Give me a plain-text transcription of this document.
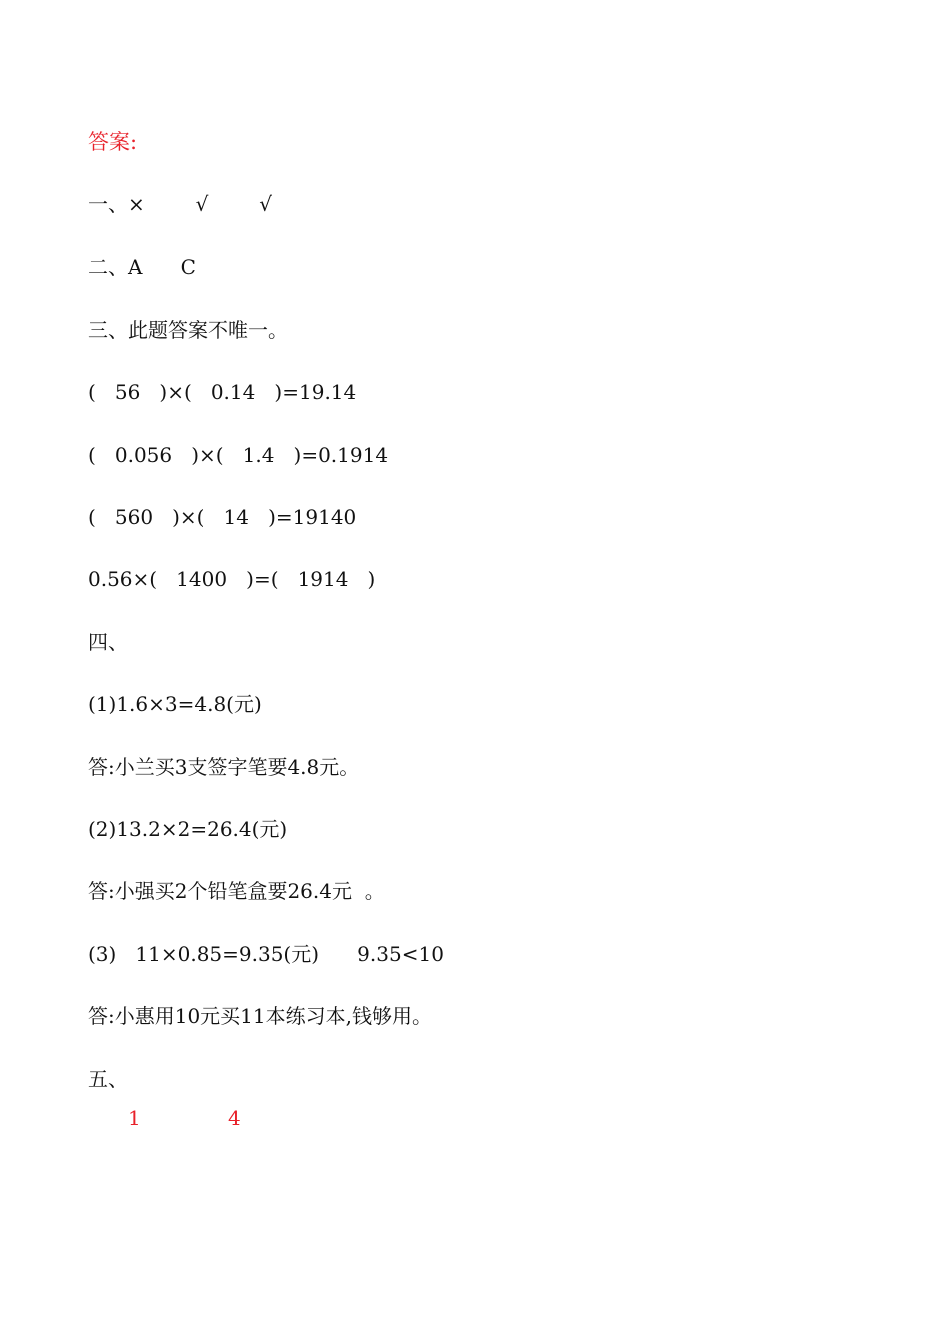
答案:
一、×        √        √
二、A      C
三、此题答案不唯一。
(   56   )×(   0.14   )=19.14
(   0.056   )×(   1.4   )=0.1914
(   560   )×(   14   )=19140
0.56×(   1400   )=(   1914   )
四、
(1)1.6×3=4.8(元)
答:小兰买3支签字笔要4.8元。
(2)13.2×2=26.4(元)
答:小强买2个铅笔盒要26.4元  。
(3)   11×0.85=9.35(元)      9.35<10
答:小惠用10元买11本练习本,钱够用。
五、
1	4
